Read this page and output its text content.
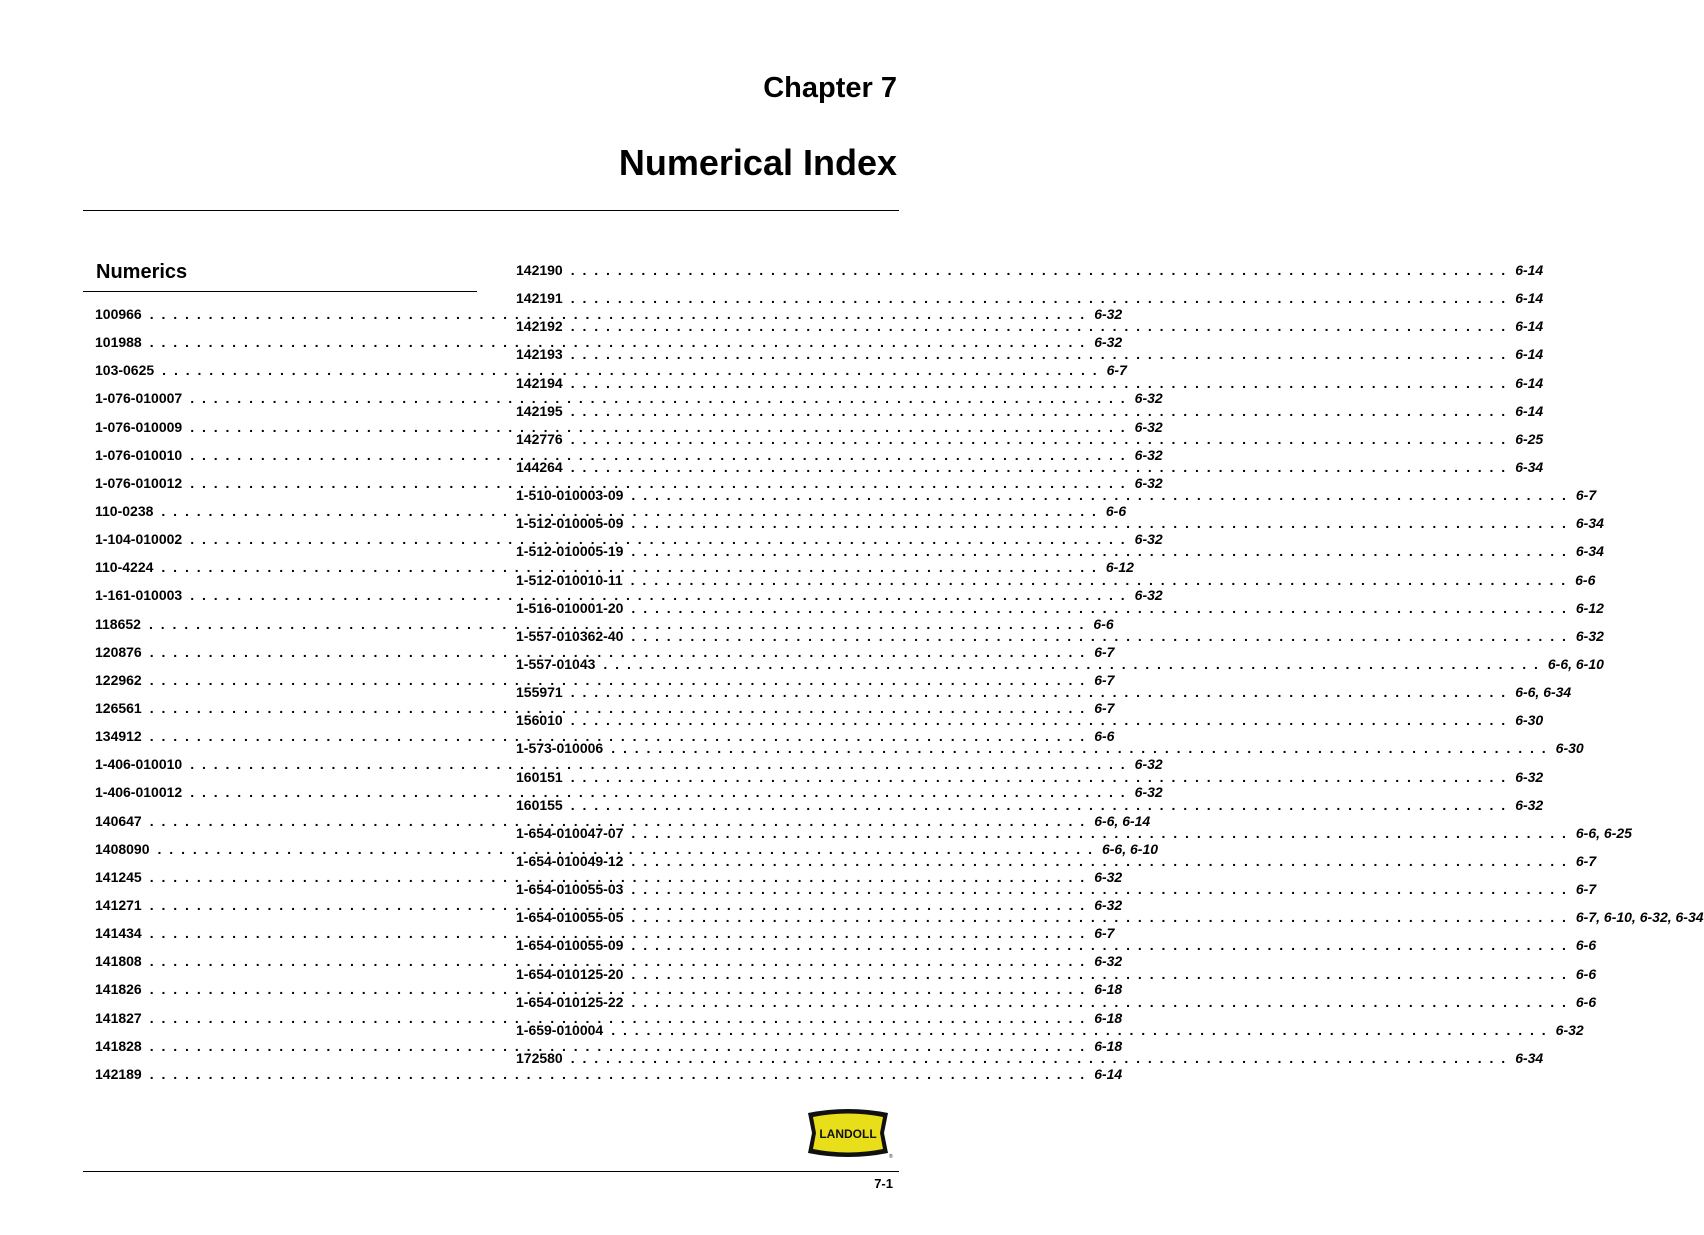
Chapter 7
Numerical Index
Numerics
100966 . . .	6-32
101988 . . .	6-32
103-0625 . . .	6-7
1-076-010007 . . .	6-32
1-076-010009 . . .	6-32
1-076-010010 . . .	6-32
1-076-010012 . . .	6-32
110-0238 . . .	6-6
1-104-010002 . . .	6-32
110-4224 . . .	6-12
1-161-010003 . . .	6-32
118652 . . .	6-6
120876 . . .	6-7
122962 . . .	6-7
126561 . . .	6-7
134912 . . .	6-6
1-406-010010 . . .	6-32
1-406-010012 . . .	6-32
140647 . . .	6-6, 6-14
1408090 . . .	6-6, 6-10
141245 . . .	6-32
141271 . . .	6-32
141434 . . .	6-7
141808 . . .	6-32
141826 . . .	6-18
141827 . . .	6-18
141828 . . .	6-18
142189 . . .	6-14
142190 . . .	6-14
142191 . . .	6-14
142192 . . .	6-14
142193 . . .	6-14
142194 . . .	6-14
142195 . . .	6-14
142776 . . .	6-25
144264 . . .	6-34
1-510-010003-09 . . .	6-7
1-512-010005-09 . . .	6-34
1-512-010005-19 . . .	6-34
1-512-010010-11 . . .	6-6
1-516-010001-20 . . .	6-12
1-557-010362-40 . . .	6-32
1-557-01043 . . .	6-6, 6-10
155971 . . .	6-6, 6-34
156010 . . .	6-30
1-573-010006 . . .	6-30
160151 . . .	6-32
160155 . . .	6-32
1-654-010047-07 . . .	6-6, 6-25
1-654-010049-12 . . .	6-7
1-654-010055-03 . . .	6-7
1-654-010055-05 . . .	6-7, 6-10, 6-32, 6-34
1-654-010055-09 . . .	6-6
1-654-010125-20 . . .	6-6
1-654-010125-22 . . .	6-6
1-659-010004 . . .	6-32
172580 . . .	6-34
LANDOLL
®
7-1
